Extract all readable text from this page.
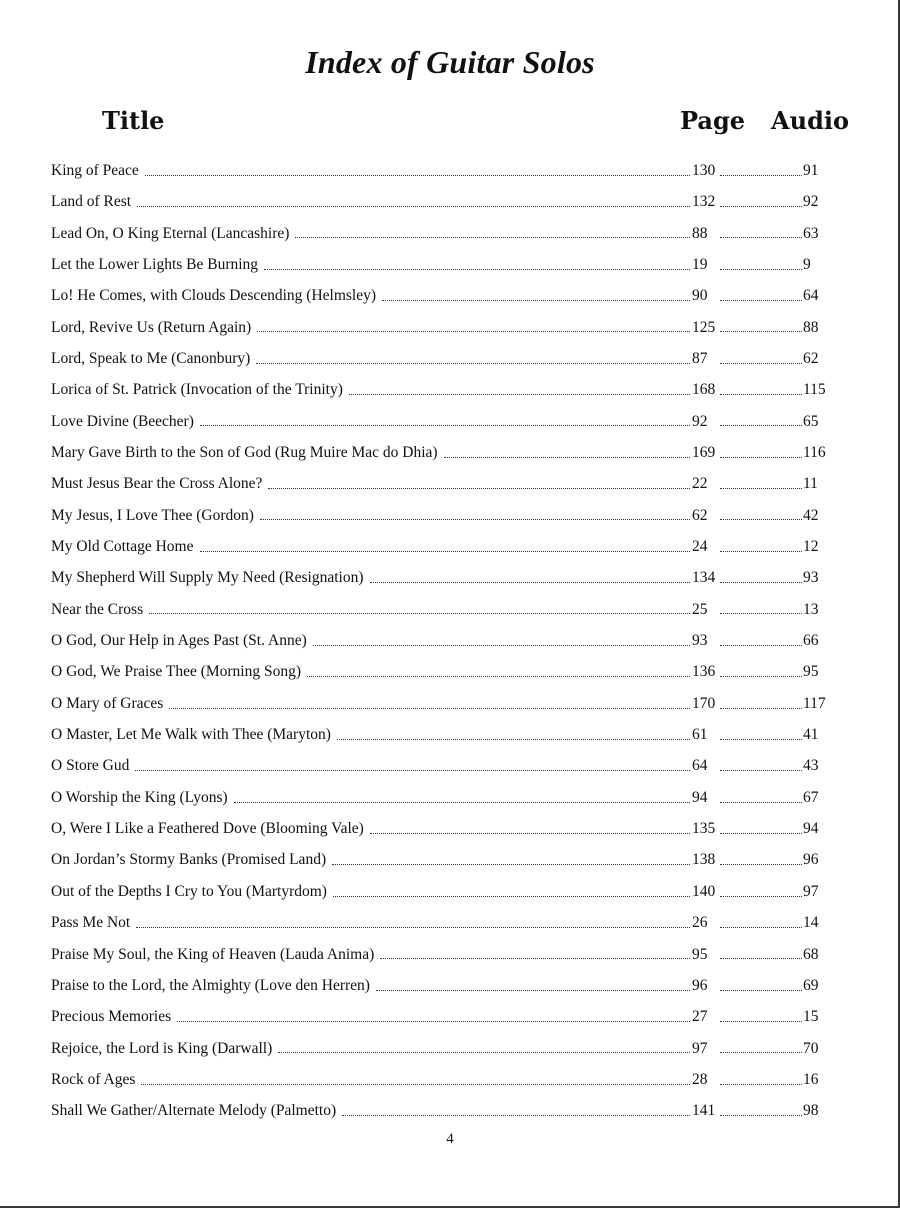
Index of Guitar Solos
Title	Page Audio
King of Peace	130	91
Land of Rest	132	92
Lead On, O King Eternal (Lancashire)	88	63
Let the Lower Lights Be Burning	19	9
Lo! He Comes, with Clouds Descending (Helmsley)	90	64
Lord, Revive Us (Return Again)	125	88
Lord, Speak to Me (Canonbury)	87	62
Lorica of St. Patrick (Invocation of the Trinity)	168	115
Love Divine (Beecher)	92	65
Mary Gave Birth to the Son of God (Rug Muire Mac do Dhia)	169	116
Must Jesus Bear the Cross Alone?	22	11
My Jesus, I Love Thee (Gordon)	62	42
My Old Cottage Home	24	12
My Shepherd Will Supply My Need (Resignation)	134	93
Near the Cross	25	13
O God, Our Help in Ages Past (St. Anne)	93	66
O God, We Praise Thee (Morning Song)	136	95
O Mary of Graces	170	117
O Master, Let Me Walk with Thee (Maryton)	61	41
O Store Gud	64	43
O Worship the King (Lyons)	94	67
O, Were I Like a Feathered Dove (Blooming Vale)	135	94
On Jordan’s Stormy Banks (Promised Land)	138	96
Out of the Depths I Cry to You (Martyrdom)	140	97
Pass Me Not	26	14
Praise My Soul, the King of Heaven (Lauda Anima)	95	68
Praise to the Lord, the Almighty (Love den Herren)	96	69
Precious Memories	27	15
Rejoice, the Lord is King (Darwall)	97	70
Rock of Ages	28	16
Shall We Gather/Alternate Melody (Palmetto)	141	98
4
